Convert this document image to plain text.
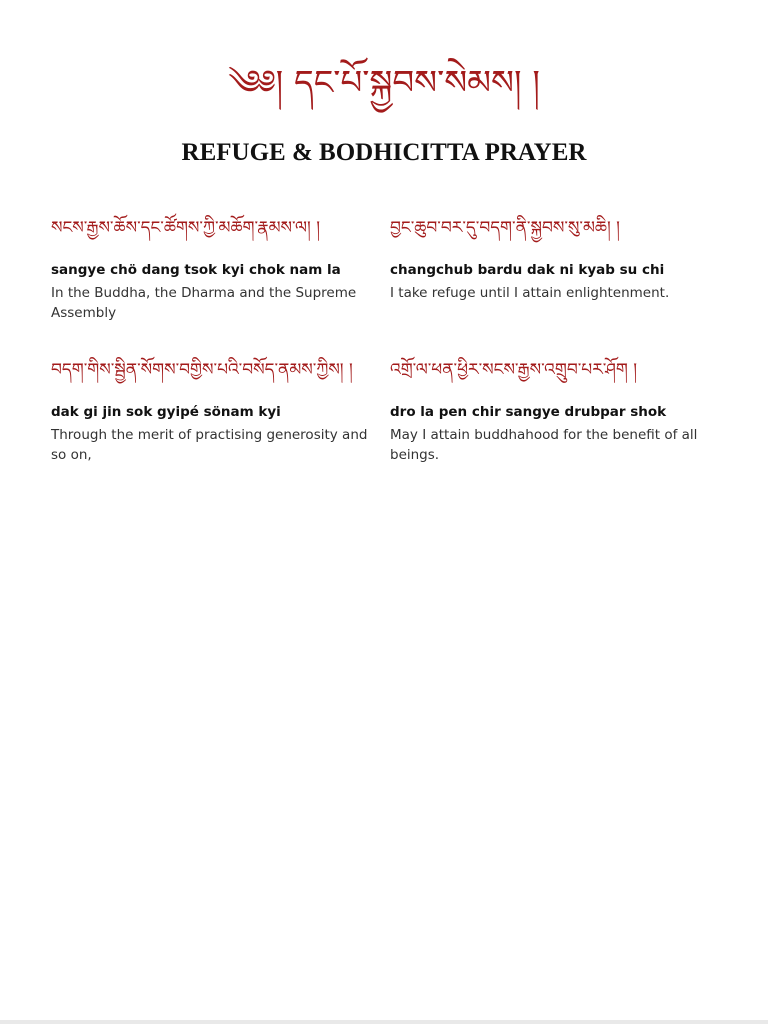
༄༅། དང་པོ་སྐྱབས་སེམས། །
REFUGE & BODHICITTA PRAYER
སངས་རྒྱས་ཆོས་དང་ཚོགས་ཀྱི་མཆོག་རྣམས་ལ། །
sangye chö dang tsok kyi chok nam la
In the Buddha, the Dharma and the Supreme Assembly
བྱང་ཆུབ་བར་དུ་བདག་ནི་སྐྱབས་སུ་མཆི། །
changchub bardu dak ni kyab su chi
I take refuge until I attain enlightenment.
བདག་གིས་སྦྱིན་སོགས་བགྱིས་པའི་བསོད་ནམས་ཀྱིས། །
dak gi jin sok gyipé sönam kyi
Through the merit of practising generosity and so on,
འགྲོ་ལ་ཕན་ཕྱིར་སངས་རྒྱས་འགྲུབ་པར་ཤོག །
dro la pen chir sangye drubpar shok
May I attain buddhahood for the benefit of all beings.
